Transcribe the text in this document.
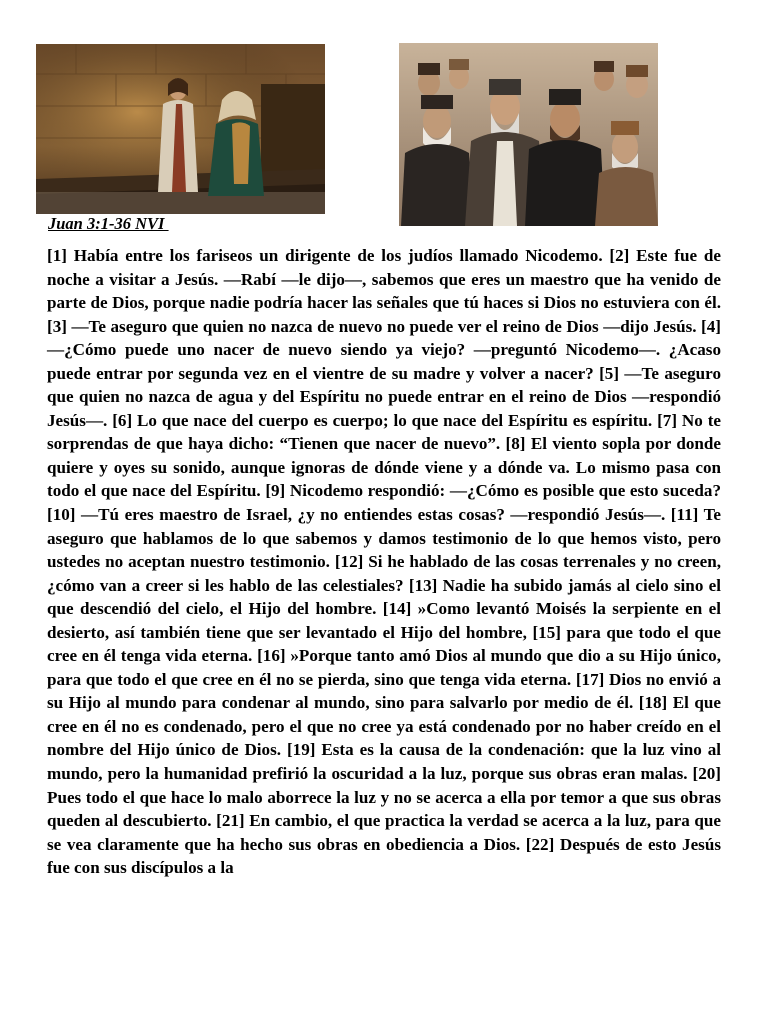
Juan 3:1-36 NVI

[1] Había entre los fariseos un dirigente de los judíos llamado Nicodemo. [2] Este fue de noche a visitar a Jesús. —Rabí —le dijo—, sabemos que eres un maestro que ha venido de parte de Dios, porque nadie podría hacer las señales que tú haces si Dios no estuviera con él. [3] —Te aseguro que quien no nazca de nuevo no puede ver el reino de Dios —dijo Jesús. [4] —¿Cómo puede uno nacer de nuevo siendo ya viejo? —preguntó Nicodemo—. ¿Acaso puede entrar por segunda vez en el vientre de su madre y volver a nacer? [5] —Te aseguro que quien no nazca de agua y del Espíritu no puede entrar en el reino de Dios —respondió Jesús—. [6] Lo que nace del cuerpo es cuerpo; lo que nace del Espíritu es espíritu. [7] No te sorprendas de que haya dicho: “Tienen que nacer de nuevo”. [8] El viento sopla por donde quiere y oyes su sonido, aunque ignoras de dónde viene y a dónde va. Lo mismo pasa con todo el que nace del Espíritu. [9] Nicodemo respondió: —¿Cómo es posible que esto suceda? [10] —Tú eres maestro de Israel, ¿y no entiendes estas cosas? —respondió Jesús—. [11] Te aseguro que hablamos de lo que sabemos y damos testimonio de lo que hemos visto, pero ustedes no aceptan nuestro testimonio. [12] Si he hablado de las cosas terrenales y no creen, ¿cómo van a creer si les hablo de las celestiales? [13] Nadie ha subido jamás al cielo sino el que descendió del cielo, el Hijo del hombre. [14] »Como levantó Moisés la serpiente en el desierto, así también tiene que ser levantado el Hijo del hombre, [15] para que todo el que cree en él tenga vida eterna. [16] »Porque tanto amó Dios al mundo que dio a su Hijo único, para que todo el que cree en él no se pierda, sino que tenga vida eterna. [17] Dios no envió a su Hijo al mundo para condenar al mundo, sino para salvarlo por medio de él. [18] El que cree en él no es condenado, pero el que no cree ya está condenado por no haber creído en el nombre del Hijo único de Dios. [19] Esta es la causa de la condenación: que la luz vino al mundo, pero la humanidad prefirió la oscuridad a la luz, porque sus obras eran malas. [20] Pues todo el que hace lo malo aborrece la luz y no se acerca a ella por temor a que sus obras queden al descubierto. [21] En cambio, el que practica la verdad se acerca a la luz, para que se vea claramente que ha hecho sus obras en obediencia a Dios. [22] Después de esto Jesús fue con sus discípulos a la
